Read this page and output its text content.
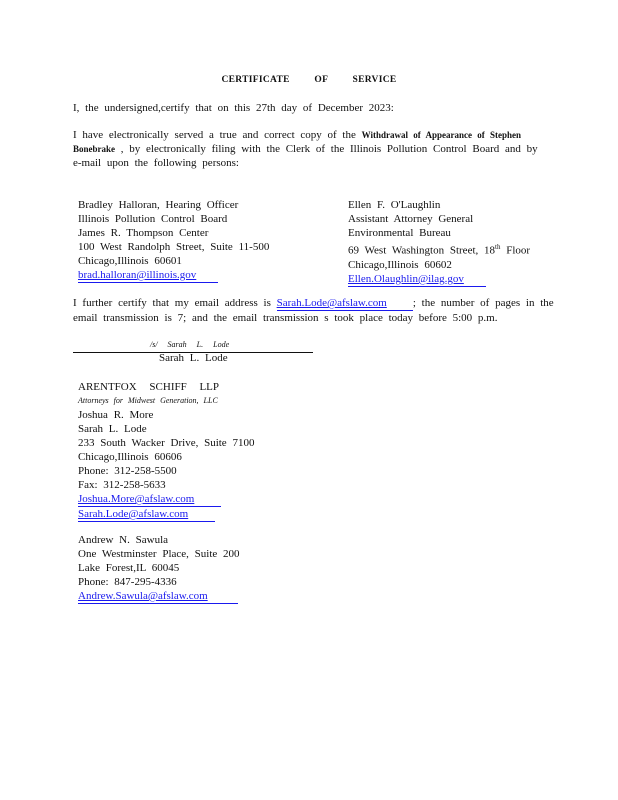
CERTIFICATE OF SERVICE
I, the undersigned,certify that on this 27th day of December 2023:
I have electronically served a true and correct copy of the Withdrawal of Appearance of Stephen
Bonebrake , by electronically filing with the Clerk of the Illinois Pollution Control Board and by
e-mail upon the following persons:
Bradley Halloran, Hearing Officer
Illinois Pollution Control Board
James R. Thompson Center
100 West Randolph Street, Suite 11-500
Chicago,Illinois 60601
brad.halloran@illinois.gov
Ellen F. O'Laughlin
Assistant Attorney General
Environmental Bureau
69 West Washington Street, 18th Floor
Chicago,Illinois 60602
Ellen.Olaughlin@ilag.gov
I further certify that my email address is Sarah.Lode@afslaw.com ; the number of pages in the
email transmission is 7; and the email transmission s took place today before 5:00 p.m.
/s/ Sarah L. Lode
Sarah L. Lode
ARENTFOX SCHIFF LLP
Attorneys for Midwest Generation, LLC
Joshua R. More
Sarah L. Lode
233 South Wacker Drive, Suite 7100
Chicago,Illinois 60606
Phone: 312-258-5500
Fax: 312-258-5633
Joshua.More@afslaw.com
Sarah.Lode@afslaw.com
Andrew N. Sawula
One Westminster Place, Suite 200
Lake Forest,IL 60045
Phone: 847-295-4336
Andrew.Sawula@afslaw.com
